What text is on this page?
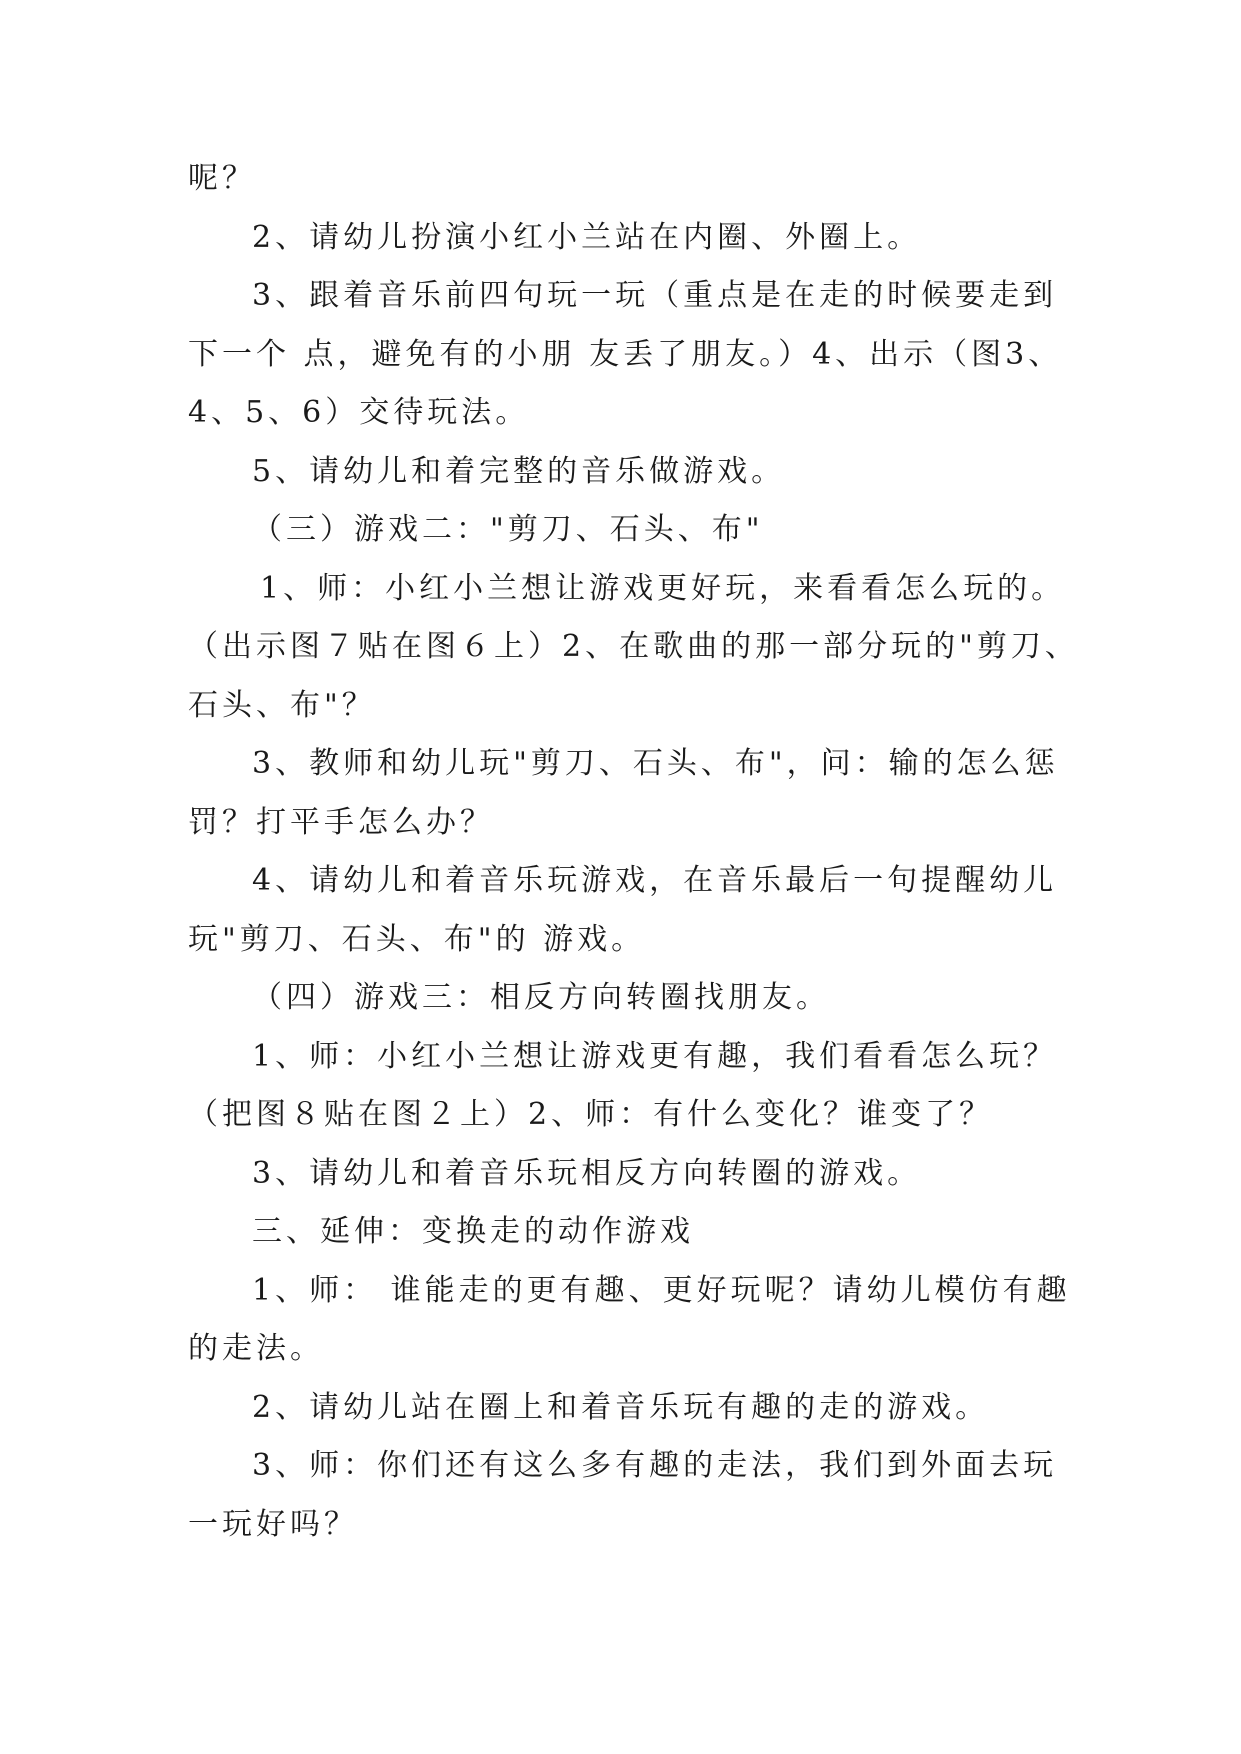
呢？
2、请幼儿扮演小红小兰站在内圈、外圈上。
3、跟着音乐前四句玩一玩（重点是在走的时候要走到
下一个 点，避免有的小朋 友丢了朋友。）4、出示（图3、
4、5、6）交待玩法。
5、请幼儿和着完整的音乐做游戏。
（三）游戏二："剪刀、石头、布"
1、师：小红小兰想让游戏更好玩，来看看怎么玩的。
（出示图７贴在图６上）2、在歌曲的那一部分玩的"剪刀、
石头、布"？
3、教师和幼儿玩"剪刀、石头、布"，问：输的怎么惩
罚？打平手怎么办？
4、请幼儿和着音乐玩游戏，在音乐最后一句提醒幼儿
玩"剪刀、石头、布"的 游戏。
（四）游戏三：相反方向转圈找朋友。
1、师：小红小兰想让游戏更有趣，我们看看怎么玩？
（把图８贴在图２上）2、师：有什么变化？谁变了？
3、请幼儿和着音乐玩相反方向转圈的游戏。
三、延伸：变换走的动作游戏
1、师： 谁能走的更有趣、更好玩呢？请幼儿模仿有趣
的走法。
2、请幼儿站在圈上和着音乐玩有趣的走的游戏。
3、师：你们还有这么多有趣的走法，我们到外面去玩
一玩好吗？
